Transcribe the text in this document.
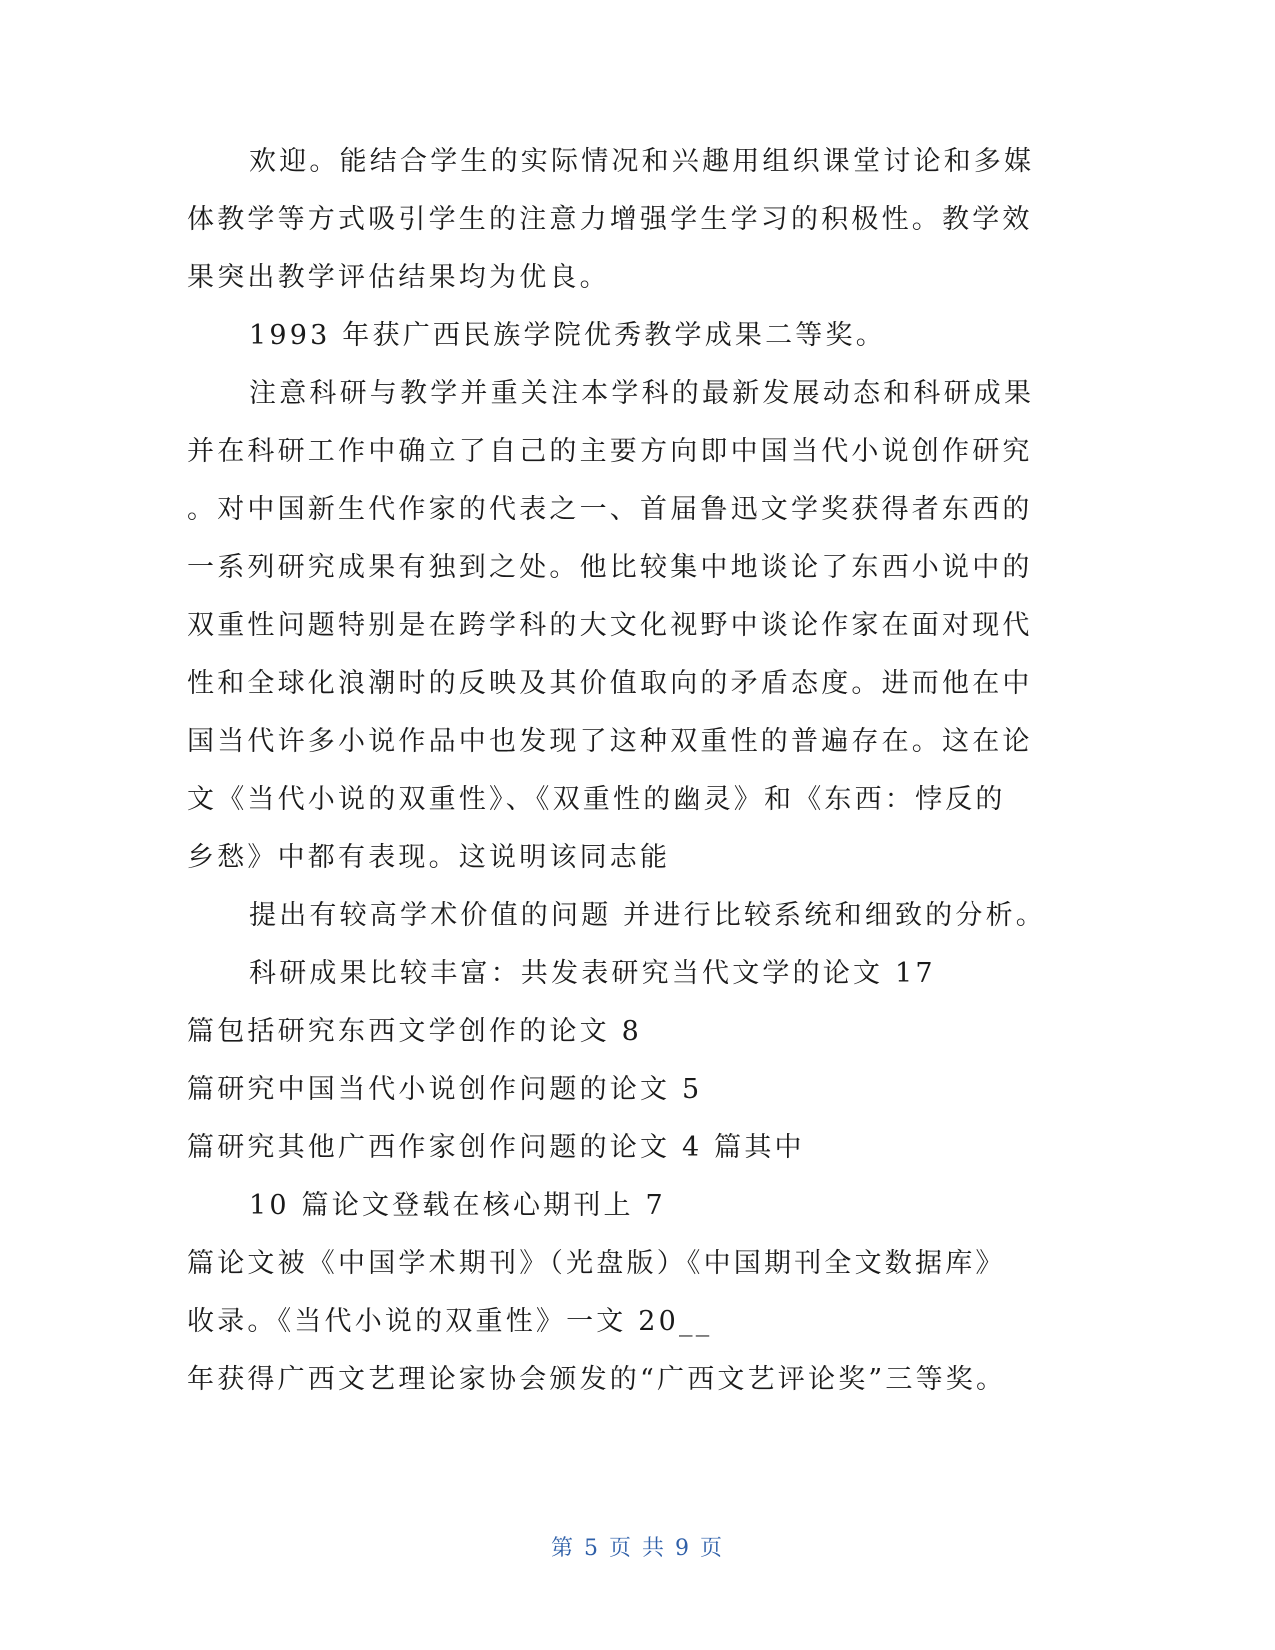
欢迎。能结合学生的实际情况和兴趣用组织课堂讨论和多媒
体教学等方式吸引学生的注意力增强学生学习的积极性。教学效
果突出教学评估结果均为优良。
1993 年获广西民族学院优秀教学成果二等奖。
注意科研与教学并重关注本学科的最新发展动态和科研成果
并在科研工作中确立了自己的主要方向即中国当代小说创作研究
。对中国新生代作家的代表之一、首届鲁迅文学奖获得者东西的
一系列研究成果有独到之处。他比较集中地谈论了东西小说中的
双重性问题特别是在跨学科的大文化视野中谈论作家在面对现代
性和全球化浪潮时的反映及其价值取向的矛盾态度。进而他在中
国当代许多小说作品中也发现了这种双重性的普遍存在。这在论
文《当代小说的双重性》、《双重性的幽灵》和《东西：悖反的
乡愁》中都有表现。这说明该同志能
提出有较高学术价值的问题 并进行比较系统和细致的分析。
科研成果比较丰富：共发表研究当代文学的论文 17
篇包括研究东西文学创作的论文 8
篇研究中国当代小说创作问题的论文 5
篇研究其他广西作家创作问题的论文 4 篇其中
10 篇论文登载在核心期刊上 7
篇论文被《中国学术期刊》（光盘版）《中国期刊全文数据库》
收录。《当代小说的双重性》一文 20__
年获得广西文艺理论家协会颁发的“广西文艺评论奖”三等奖。
第 5 页 共 9 页
